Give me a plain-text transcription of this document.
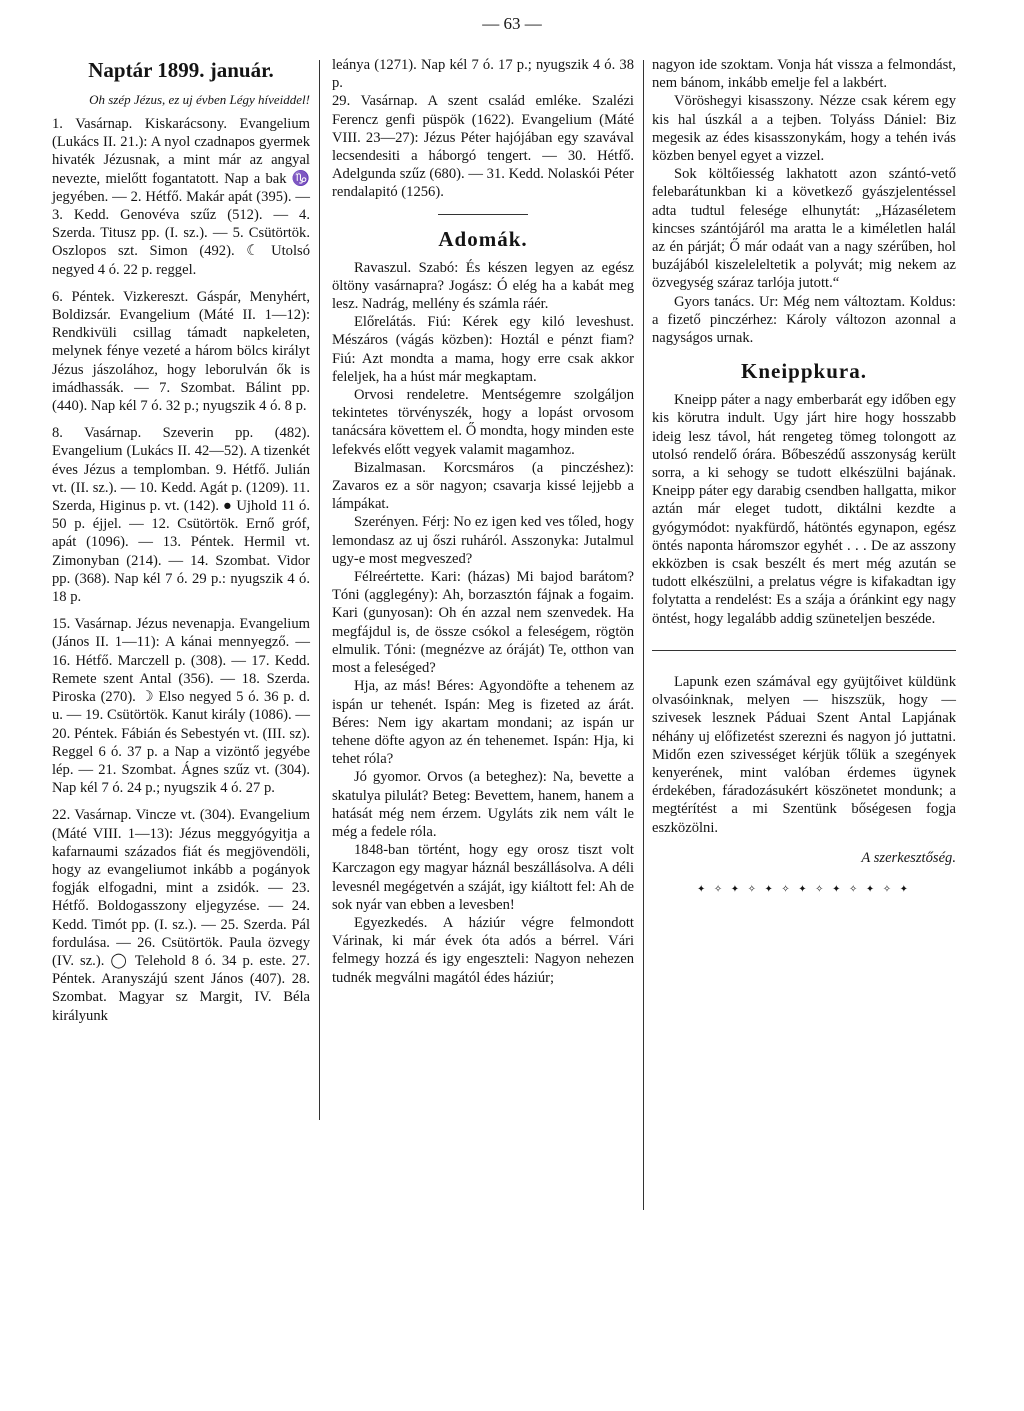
— 63 —
Naptár 1899. január.
Oh szép Jézus, ez uj évben Légy híveiddel!

1. Vasárnap. Kiskarácsony. Evangelium (Lukács II. 21.): A nyol czadnapos gyermek hivaték Jézusnak, a mint már az angyal nevezte, mielőtt fogantatott. Nap a bak ♑ jegyében. — 2. Hétfő. Makár apát (395). — 3. Kedd. Genovéva szűz (512). — 4. Szerda. Titusz pp. (I. sz.). — 5. Csütörtök. Oszlopos szt. Simon (492). ☾ Utolsó negyed 4 ó. 22 p. reggel.

6. Péntek. Vizkereszt. Gáspár, Menyhért, Boldizsár. Evangelium (Máté II. 1—12): Rendkivüli csillag támadt napkeleten, melynek fénye vezeté a három bölcs királyt Jézus jászolához, hogy leborulván ők is imádhassák. — 7. Szombat. Bálint pp. (440). Nap kél 7 ó. 32 p.; nyugszik 4 ó. 8 p.

8. Vasárnap. Szeverin pp. (482). Evangelium (Lukács II. 42—52). A tizenkét éves Jézus a templomban. 9. Hétfő. Julián vt. (II. sz.). — 10. Kedd. Agát p. (1209). 11. Szerda, Higinus p. vt. (142). ● Ujhold 11 ó. 50 p. éjjel. — 12. Csütörtök. Ernő gróf, apát (1096). — 13. Péntek. Hermil vt. Zimonyban (214). — 14. Szombat. Vidor pp. (368). Nap kél 7 ó. 29 p.: nyugszik 4 ó. 18 p.

15. Vasárnap. Jézus nevenapja. Evangelium (János II. 1—11): A kánai mennyegző. — 16. Hétfő. Marczell p. (308). — 17. Kedd. Remete szent Antal (356). — 18. Szerda. Piroska (270). ☽ Elso negyed 5 ó. 36 p. d. u. — 19. Csütörtök. Kanut király (1086). — 20. Péntek. Fábián és Sebestyén vt. (III. sz). Reggel 6 ó. 37 p. a Nap a vizöntő jegyébe lép. — 21. Szombat. Ágnes szűz vt. (304). Nap kél 7 ó. 24 p.; nyugszik 4 ó. 27 p.

22. Vasárnap. Vincze vt. (304). Evangelium (Máté VIII. 1—13): Jézus meggyógyitja a kafarnaumi százados fiát és megjövendöli, hogy az evangeliumot inkább a pogányok fogják elfogadni, mint a zsidók. — 23. Hétfő. Boldogasszony eljegyzése. — 24. Kedd. Timót pp. (I. sz.). — 25. Szerda. Pál fordulása. — 26. Csütörtök. Paula özvegy (IV. sz.). ◯ Telehold 8 ó. 34 p. este. 27. Péntek. Aranyszájú szent János (407). 28. Szombat. Magyar sz Margit, IV. Béla királyunk

leánya (1271). Nap kél 7 ó. 17 p.; nyugszik 4 ó. 38 p.

29. Vasárnap. A szent család emléke. Szalézi Ferencz genfi püspök (1622). Evangelium (Máté VIII. 23—27): Jézus Péter hajójában egy szavával lecsendesiti a háborgó tengert. — 30. Hétfő. Adelgunda szűz (680). — 31. Kedd. Nolaskói Péter rendalapitó (1256).

Adomák.

Ravaszul. Szabó: És készen legyen az egész öltöny vasárnapra? Jogász: Ó elég ha a kabát meg lesz. Nadrág, mellény és számla ráér.

Előrelátás. Fiú: Kérek egy kiló leveshust. Mészáros (vágás közben): Hoztál e pénzt fiam? Fiú: Azt mondta a mama, hogy erre csak akkor feleljek, ha a húst már megkaptam.

Orvosi rendeletre. Mentségemre szolgáljon tekintetes törvényszék, hogy a lopást orvosom tanácsára követtem el. Ő mondta, hogy minden este lefekvés előtt vegyek valamit magamhoz.

Bizalmasan. Korcsmáros (a pinczéshez): Zavaros ez a sör nagyon; csavarja kissé lejjebb a lámpákat.

Szerényen. Férj: No ez igen ked ves tőled, hogy lemondasz az uj őszi ruháról. Asszonyka: Jutalmul ugy-e most megveszed?

Félreértette. Kari: (házas) Mi bajod barátom? Tóni (agglegény): Ah, borzasztón fájnak a fogaim. Kari (gunyosan): Oh én azzal nem szenvedek. Ha megfájdul is, de össze csókol a feleségem, rögtön elmulik. Tóni: (megnézve az óráját) Te, otthon van most a feleséged?

Hja, az más! Béres: Agyondöfte a tehenem az ispán ur tehenét. Ispán: Meg is fizeted az árát. Béres: Nem igy akartam mondani; az ispán ur tehene döfte agyon az én tehenemet. Ispán: Hja, ki tehet róla?

Jó gyomor. Orvos (a beteghez): Na, bevette a skatulya pilulát? Beteg: Bevettem, hanem, hanem a hatását még nem érzem. Ugyláts zik nem vált le még a fedele róla.

1848-ban történt, hogy egy orosz tiszt volt Karczagon egy magyar háznál beszállásolva. A déli levesnél megégetvén a száját, igy kiáltott fel: Ah de sok nyár van ebben a levesben!

Egyezkedés. A háziúr végre felmondott Várinak, ki már évek óta adós a bérrel. Vári felmegy hozzá és igy engeszteli: Nagyon nehezen tudnék megválni magától édes háziúr;

nagyon ide szoktam. Vonja hát vissza a felmondást, nem bánom, inkább emelje fel a lakbért.

Vöröshegyi kisasszony. Nézze csak kérem egy kis hal úszkál a a tejben. Tolyáss Dániel: Biz megesik az édes kisasszonykám, hogy a tehén ivás közben benyel egyet a vizzel.

Sok költőiesség lakhatott azon szántó-vető felebarátunkban ki a következő gyászjelentéssel adta tudtul felesége elhunytát: „Házaséletem kincses szántójáról ma aratta le a kiméletlen halál az én párját; Ő már odaát van a nagy szérűben, hol buzájából kiszeleleltetik a polyvát; mig nekem az özvegység száraz tarlója jutott.“

Gyors tanács. Ur: Még nem változtam. Koldus: a fizető pinczérhez: Károly változon azonnal a nagyságos urnak.

Kneippkura.

Kneipp páter a nagy emberbarát egy időben egy kis körutra indult. Ugy járt hire hogy hosszabb ideig lesz távol, hát rengeteg tömeg tolongott az utolsó rendelő órára. Bőbeszédű asszonyság került sorra, a ki sehogy se tudott elkészülni bajának. Kneipp páter egy darabig csendben hallgatta, mikor aztán már eleget tudott, diktálni kezdte a gyógymódot: nyakfürdő, hátöntés egynapon, egész öntés naponta háromszor egyhét . . . De az asszony ekközben is csak beszélt és mert még azután se tudott elkészülni, a prelatus végre is kifakadtan igy folytatta a rendelést: Es a szája a óránkint egy nagy öntést, hogy legalább addig szüneteljen beszéde.

Lapunk ezen számával egy gyüjtőivet küldünk olvasóinknak, melyen — hiszszük, hogy — szivesek lesznek Páduai Szent Antal Lapjának néhány uj előfizetést szerezni és nagyon jó juttatni. Midőn ezen szivességet kérjük tőlük a szegények kenyerének, mint valóban érdemes ügynek érdekében, fáradozásukért köszönetet mondunk; a megtérítést a mi Szentünk bőségesen fogja eszközölni.

A szerkesztőség.
✦ ✧ ✦ ✧ ✦ ✧ ✦ ✧ ✦ ✧ ✦ ✧ ✦
